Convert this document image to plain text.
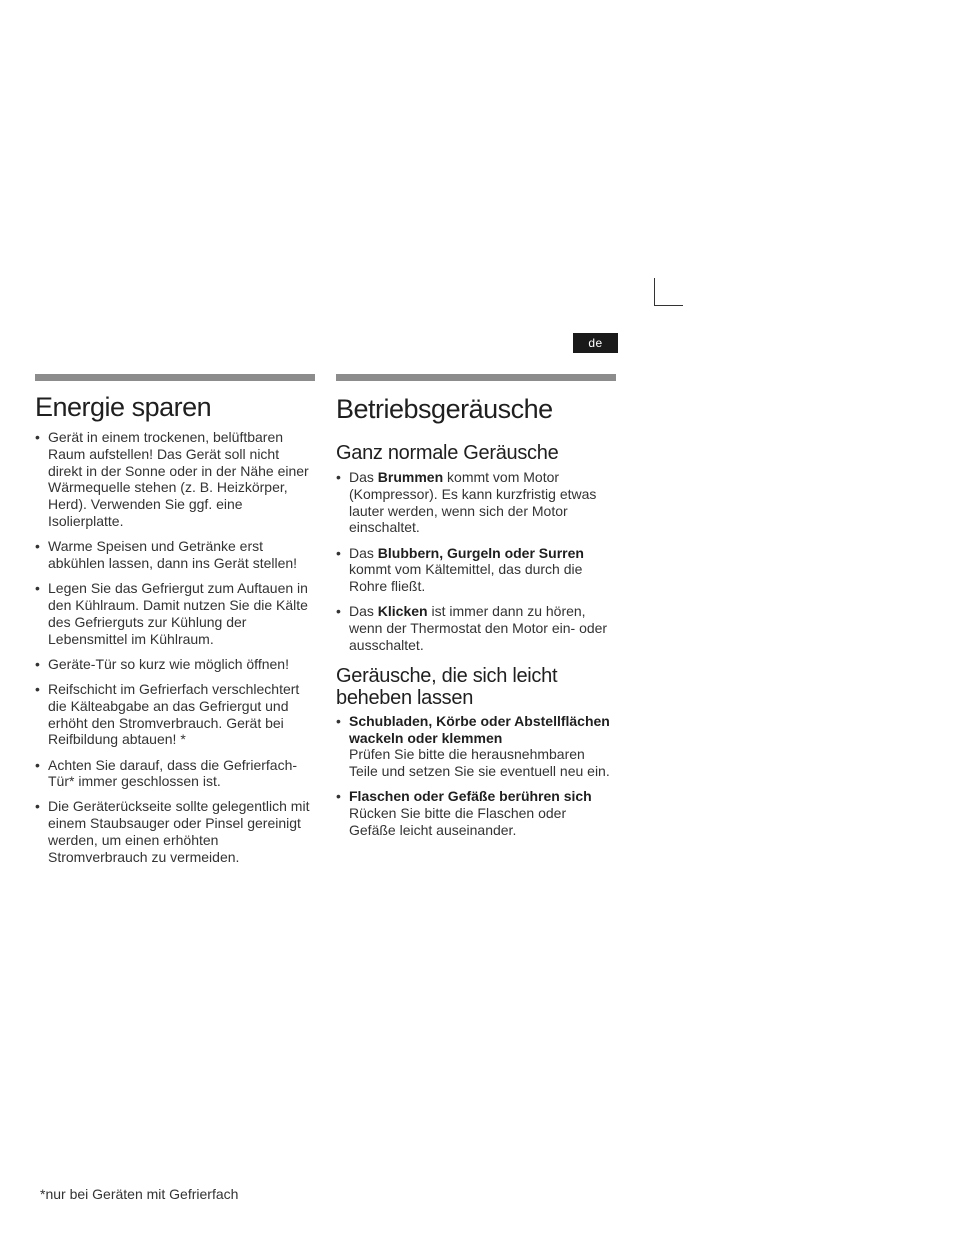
de
Energie sparen
• Gerät in einem trockenen, belüftbaren Raum aufstellen! Das Gerät soll nicht direkt in der Sonne oder in der Nähe einer Wärmequelle stehen (z. B. Heizkörper, Herd). Verwenden Sie ggf. eine Isolierplatte.
• Warme Speisen und Getränke erst abkühlen lassen, dann ins Gerät stellen!
• Legen Sie das Gefriergut zum Auftauen in den Kühlraum. Damit nutzen Sie die Kälte des Gefrierguts zur Kühlung der Lebensmittel im Kühlraum.
• Geräte-Tür so kurz wie möglich öffnen!
• Reifschicht im Gefrierfach verschlechtert die Kälteabgabe an das Gefriergut und erhöht den Stromverbrauch. Gerät bei Reifbildung abtauen! *
• Achten Sie darauf, dass die Gefrierfach-Tür* immer geschlossen ist.
• Die Geräterückseite sollte gelegentlich mit einem Staubsauger oder Pinsel gereinigt werden, um einen erhöhten Stromverbrauch zu vermeiden.
Betriebsgeräusche
Ganz normale Geräusche
• Das Brummen kommt vom Motor (Kompressor). Es kann kurzfristig etwas lauter werden, wenn sich der Motor einschaltet.
• Das Blubbern, Gurgeln oder Surren kommt vom Kältemittel, das durch die Rohre fließt.
• Das Klicken ist immer dann zu hören, wenn der Thermostat den Motor ein- oder ausschaltet.
Geräusche, die sich leicht beheben lassen
• Schubladen, Körbe oder Abstellflächen wackeln oder klemmen
Prüfen Sie bitte die herausnehmbaren Teile und setzen Sie sie eventuell neu ein.
• Flaschen oder Gefäße berühren sich
Rücken Sie bitte die Flaschen oder Gefäße leicht auseinander.
*nur bei Geräten mit Gefrierfach
